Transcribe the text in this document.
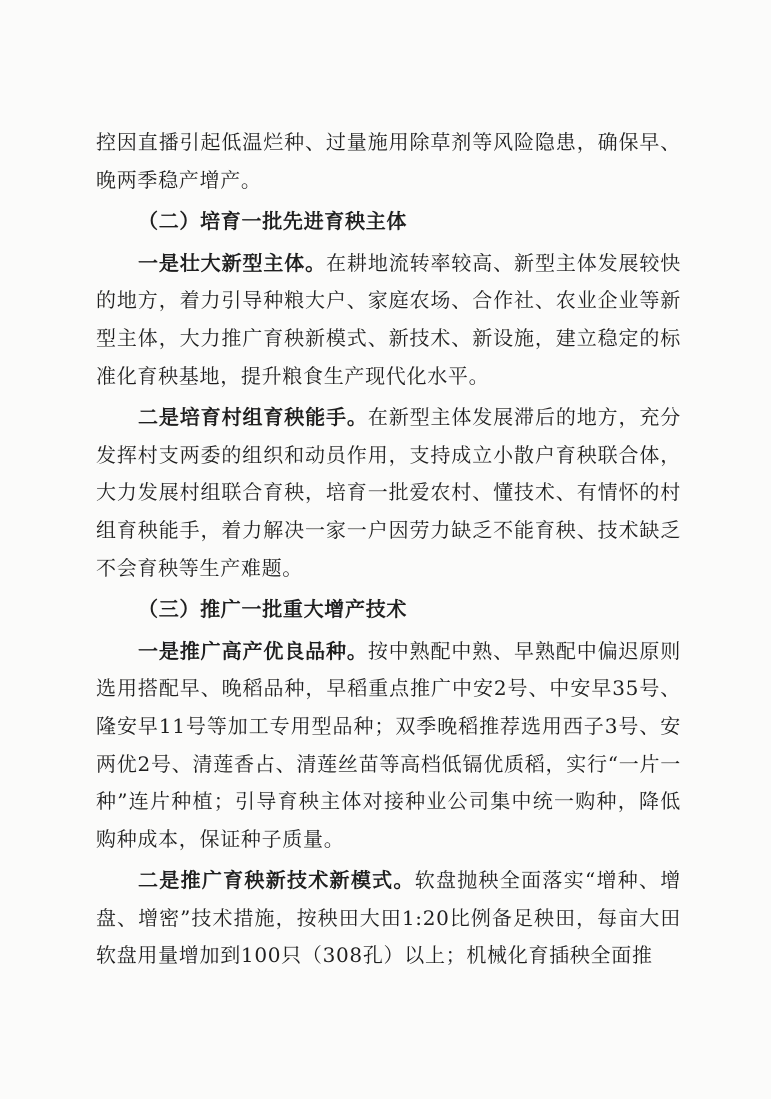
控因直播引起低温烂种、过量施用除草剂等风险隐患，确保早、晚两季稳产增产。

（二）培育一批先进育秧主体

一是壮大新型主体。在耕地流转率较高、新型主体发展较快的地方，着力引导种粮大户、家庭农场、合作社、农业企业等新型主体，大力推广育秧新模式、新技术、新设施，建立稳定的标准化育秧基地，提升粮食生产现代化水平。

二是培育村组育秧能手。在新型主体发展滞后的地方，充分发挥村支两委的组织和动员作用，支持成立小散户育秧联合体，大力发展村组联合育秧，培育一批爱农村、懂技术、有情怀的村组育秧能手，着力解决一家一户因劳力缺乏不能育秧、技术缺乏不会育秧等生产难题。

（三）推广一批重大增产技术

一是推广高产优良品种。按中熟配中熟、早熟配中偏迟原则选用搭配早、晚稻品种，早稻重点推广中安2号、中安早35号、隆安早11号等加工专用型品种；双季晚稻推荐选用西子3号、安两优2号、清莲香占、清莲丝苗等高档低镉优质稻，实行“一片一种”连片种植；引导育秧主体对接种业公司集中统一购种，降低购种成本，保证种子质量。

二是推广育秧新技术新模式。软盘抛秧全面落实“增种、增盘、增密”技术措施，按秧田大田1:20比例备足秧田，每亩大田软盘用量增加到100只（308孔）以上；机械化育插秧全面推
